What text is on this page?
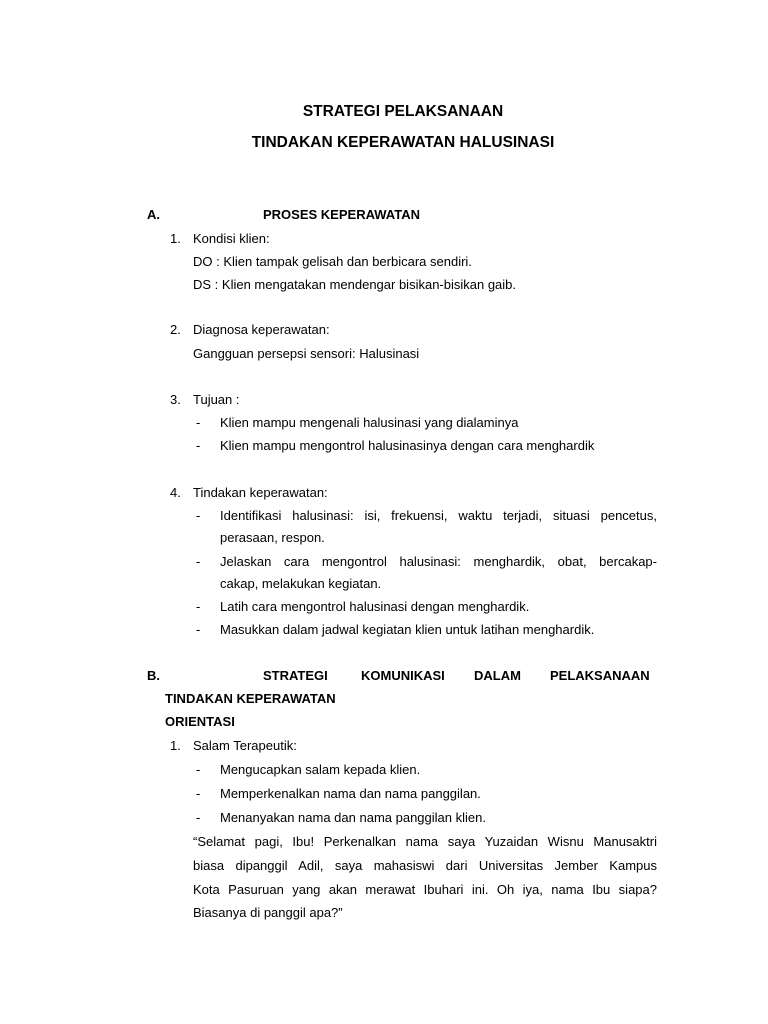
STRATEGI PELAKSANAAN
TINDAKAN KEPERAWATAN HALUSINASI
A.	PROSES KEPERAWATAN
1. Kondisi klien:
DO : Klien tampak gelisah dan berbicara sendiri.
DS : Klien mengatakan mendengar bisikan-bisikan gaib.
2. Diagnosa keperawatan:
Gangguan persepsi sensori: Halusinasi
3. Tujuan :
- Klien mampu mengenali halusinasi yang dialaminya
- Klien mampu mengontrol halusinasinya dengan cara menghardik
4. Tindakan keperawatan:
- Identifikasi halusinasi: isi, frekuensi, waktu terjadi, situasi pencetus,
perasaan, respon.
- Jelaskan cara mengontrol halusinasi: menghardik, obat, bercakap-
cakap, melakukan kegiatan.
- Latih cara mengontrol halusinasi dengan menghardik.
- Masukkan dalam jadwal kegiatan klien untuk latihan menghardik.
B.	STRATEGI	KOMUNIKASI DALAM PELAKSANAAN
TINDAKAN KEPERAWATAN
ORIENTASI
1. Salam Terapeutik:
- Mengucapkan salam kepada klien.
- Memperkenalkan nama dan nama panggilan.
- Menanyakan nama dan nama panggilan klien.
“Selamat pagi, Ibu! Perkenalkan nama saya Yuzaidan Wisnu Manusaktri
biasa dipanggil Adil, saya mahasiswi dari Universitas Jember Kampus
Kota Pasuruan yang akan merawat Ibuhari ini. Oh iya, nama Ibu siapa?
Biasanya di panggil apa?”
